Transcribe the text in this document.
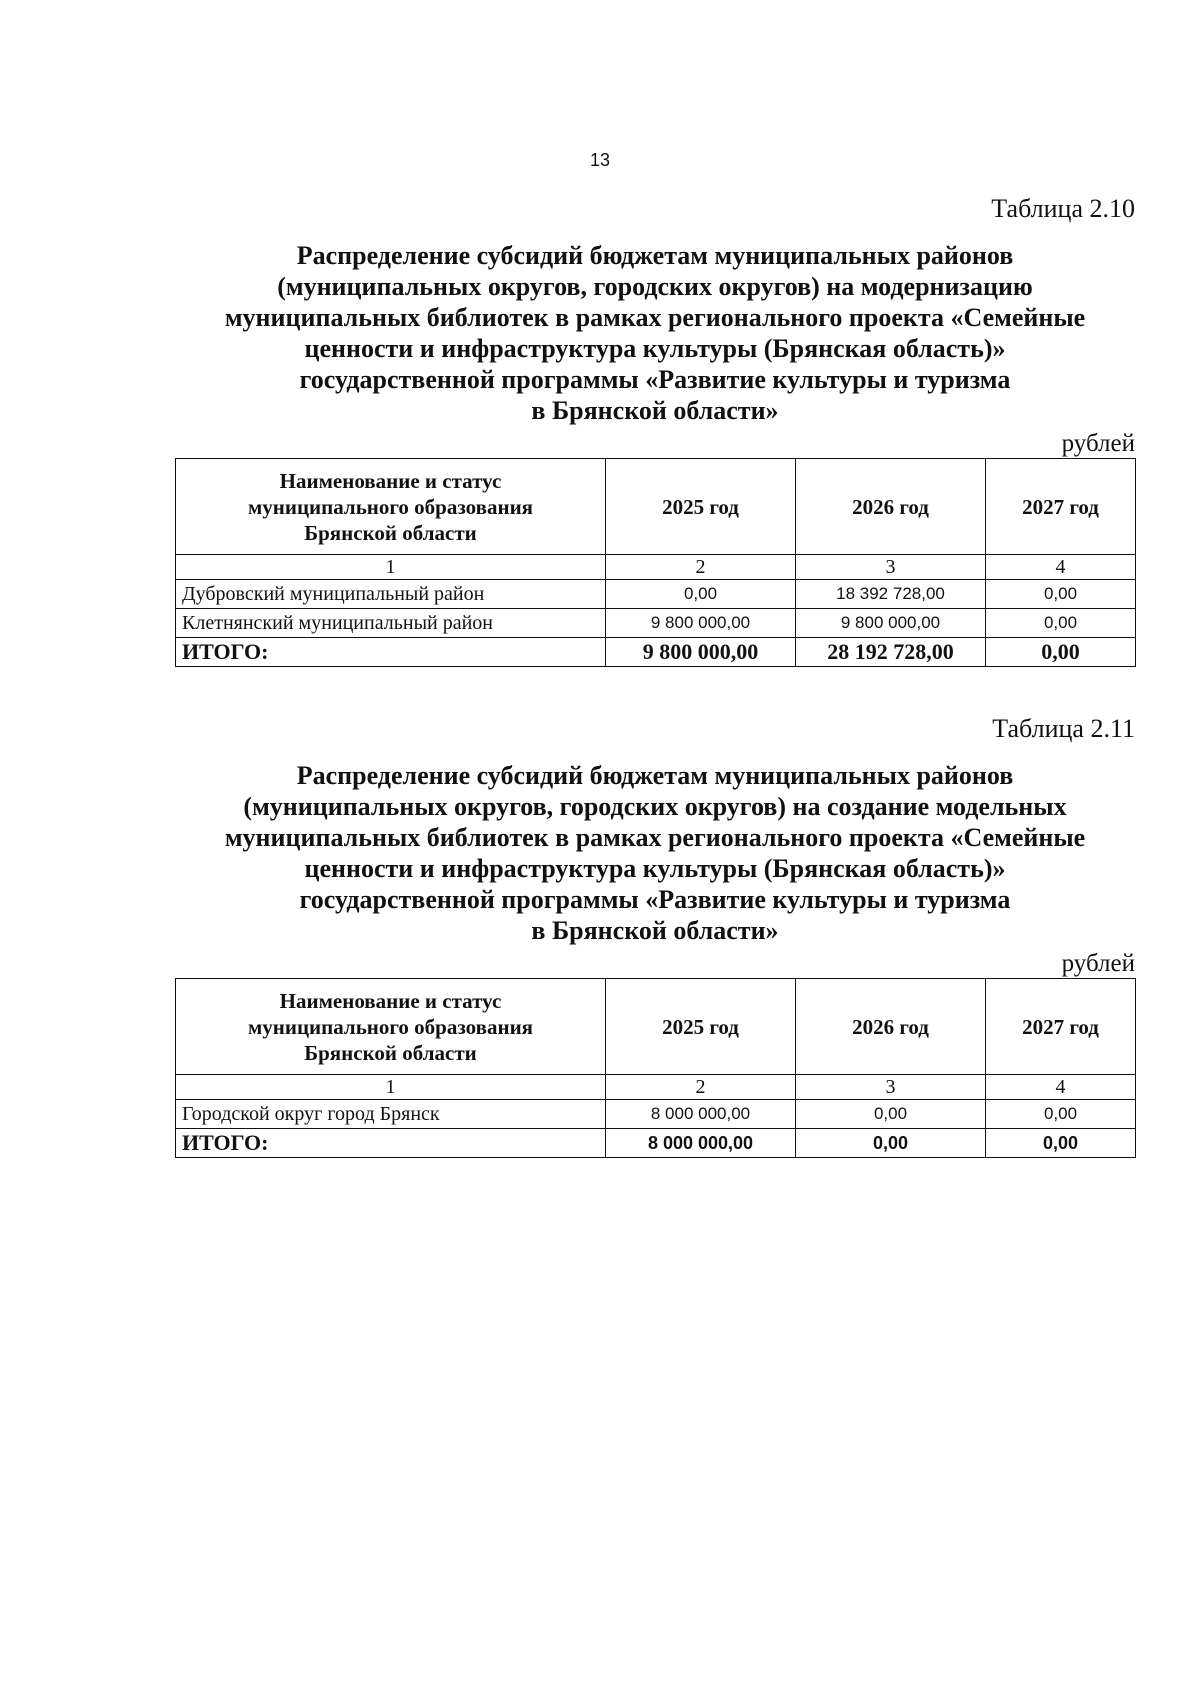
13
Таблица 2.10
Распределение субсидий бюджетам муниципальных районов
(муниципальных округов, городских округов) на модернизацию
муниципальных библиотек в рамках регионального проекта «Семейные
ценности и инфраструктура культуры (Брянская область)»
государственной программы «Развитие культуры и туризма
в Брянской области»
рублей
Наименование и статус
муниципального образования
Брянской области	2025 год	2026 год	2027 год
1	2	3	4
Дубровский муниципальный район	0,00	18 392 728,00	0,00
Клетнянский муниципальный район	9 800 000,00	9 800 000,00	0,00
ИТОГО:	9 800 000,00	28 192 728,00	0,00
Таблица 2.11
Распределение субсидий бюджетам муниципальных районов
(муниципальных округов, городских округов) на создание модельных
муниципальных библиотек в рамках регионального проекта «Семейные
ценности и инфраструктура культуры (Брянская область)»
государственной программы «Развитие культуры и туризма
в Брянской области»
рублей
Наименование и статус
муниципального образования
Брянской области	2025 год	2026 год	2027 год
1	2	3	4
Городской округ город Брянск	8 000 000,00	0,00	0,00
ИТОГО:	8 000 000,00	0,00	0,00
